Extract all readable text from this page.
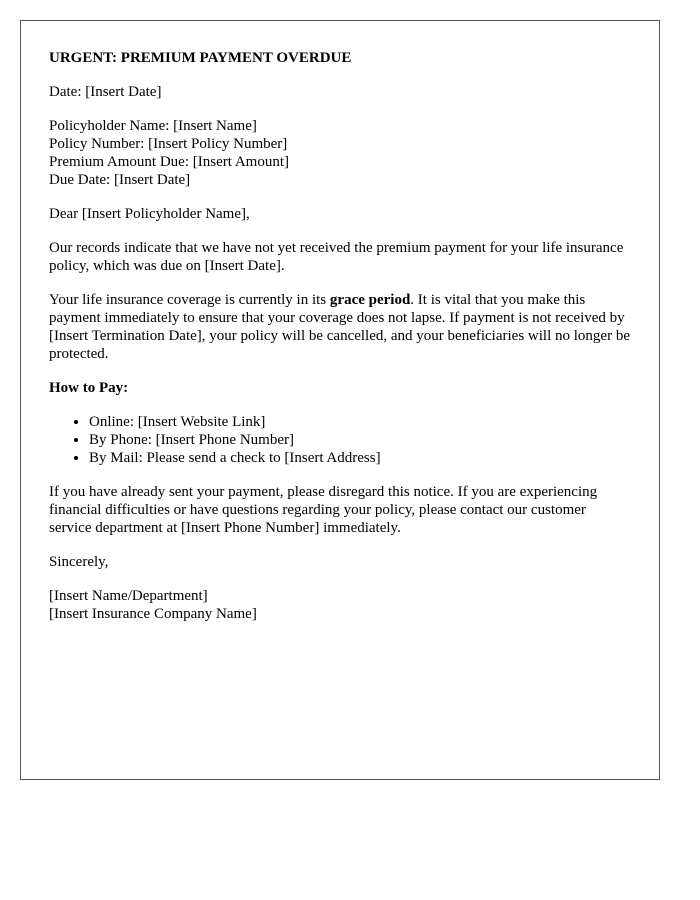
URGENT: PREMIUM PAYMENT OVERDUE
Date: [Insert Date]
Policyholder Name: [Insert Name]
Policy Number: [Insert Policy Number]
Premium Amount Due: [Insert Amount]
Due Date: [Insert Date]
Dear [Insert Policyholder Name],
Our records indicate that we have not yet received the premium payment for your life insurance policy, which was due on [Insert Date].
Your life insurance coverage is currently in its grace period. It is vital that you make this payment immediately to ensure that your coverage does not lapse. If payment is not received by [Insert Termination Date], your policy will be cancelled, and your beneficiaries will no longer be protected.
How to Pay:
• Online: [Insert Website Link]
• By Phone: [Insert Phone Number]
• By Mail: Please send a check to [Insert Address]
If you have already sent your payment, please disregard this notice. If you are experiencing financial difficulties or have questions regarding your policy, please contact our customer service department at [Insert Phone Number] immediately.
Sincerely,
[Insert Name/Department]
[Insert Insurance Company Name]
